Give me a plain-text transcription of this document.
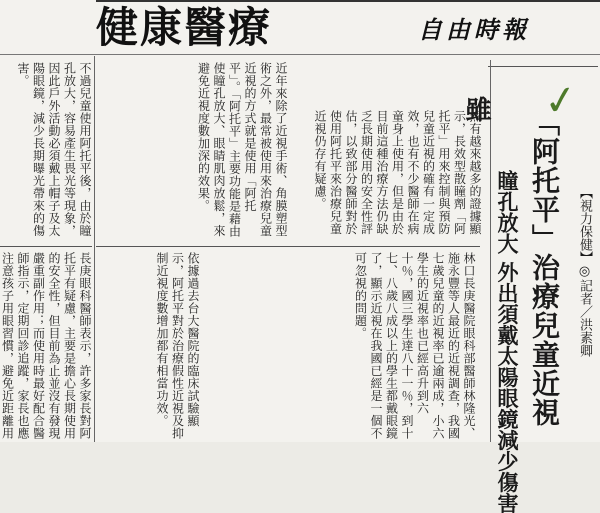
健康醫療	自由時報
✓
【視力保健】◎記者／洪素卿
「阿托平」治療兒童近視
瞳孔放大 外出須戴太陽眼鏡減少傷害
雖
然有越來越多的證據顯示，長效型散瞳劑「阿托平」用來控制與預防兒童近視的確有一定成效，也有不少醫師在病童身上使用，但是由於目前這種治療方法仍缺乏長期使用的安全性評估，以致部分醫師對於使用阿托平來治療兒童近視仍存有疑慮。
林口長庚醫院眼科部醫師林隆光、施永豐等人最近的近視調查，我國七歲兒童的近視率已逾兩成，小六學生的近視率也已經高升到六十％，國三學生達八十一％，到十七、八歲八成以上的學生都戴眼鏡了，顯示近視在我國已經是一個不可忽視的問題。
近年來除了近視手術、角膜塑型術之外，最常被使用來治療兒童近視的方式就是使用「阿托平」。「阿托平」主要功能是藉由使瞳孔放大、眼睛肌肉放鬆，來避免近視度數加深的效果。
依據過去台大醫院的臨床試驗顯示，阿托平對於治療假性近視及抑制近視度數增加都有相當功效。
不過兒童使用阿托平後，由於瞳孔放大，容易產生畏光等現象，因此戶外活動必須戴上帽子及太陽眼鏡，減少長期曝光帶來的傷害。
長庚眼科醫師表示，許多家長對阿托平有疑慮，主要是擔心長期使用的安全性，但目前為止並沒有發現嚴重副作用；而使用時最好配合醫師指示，定期回診追蹤，家長也應注意孩子用眼習慣，避免近距離用
